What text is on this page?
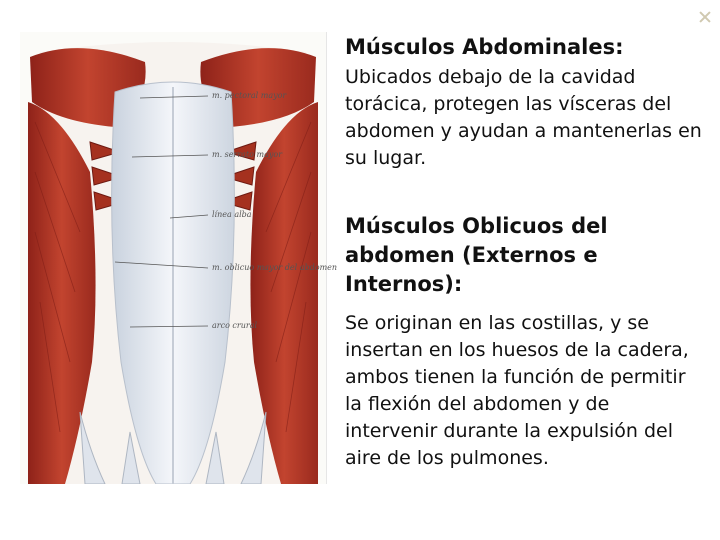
m. pectoral mayor
m. serrato mayor
línea alba
m. oblicuo mayor del abdomen
arco crural
Músculos Abdominales:

Ubicados debajo de la cavidad torácica, protegen las vísceras del abdomen y ayudan a mantenerlas en su lugar.

Músculos Oblicuos del abdomen (Externos e Internos):

Se originan en las costillas, y se insertan en los huesos de la cadera, ambos tienen la función de permitir la flexión del abdomen y de intervenir durante la expulsión del aire de los pulmones.
